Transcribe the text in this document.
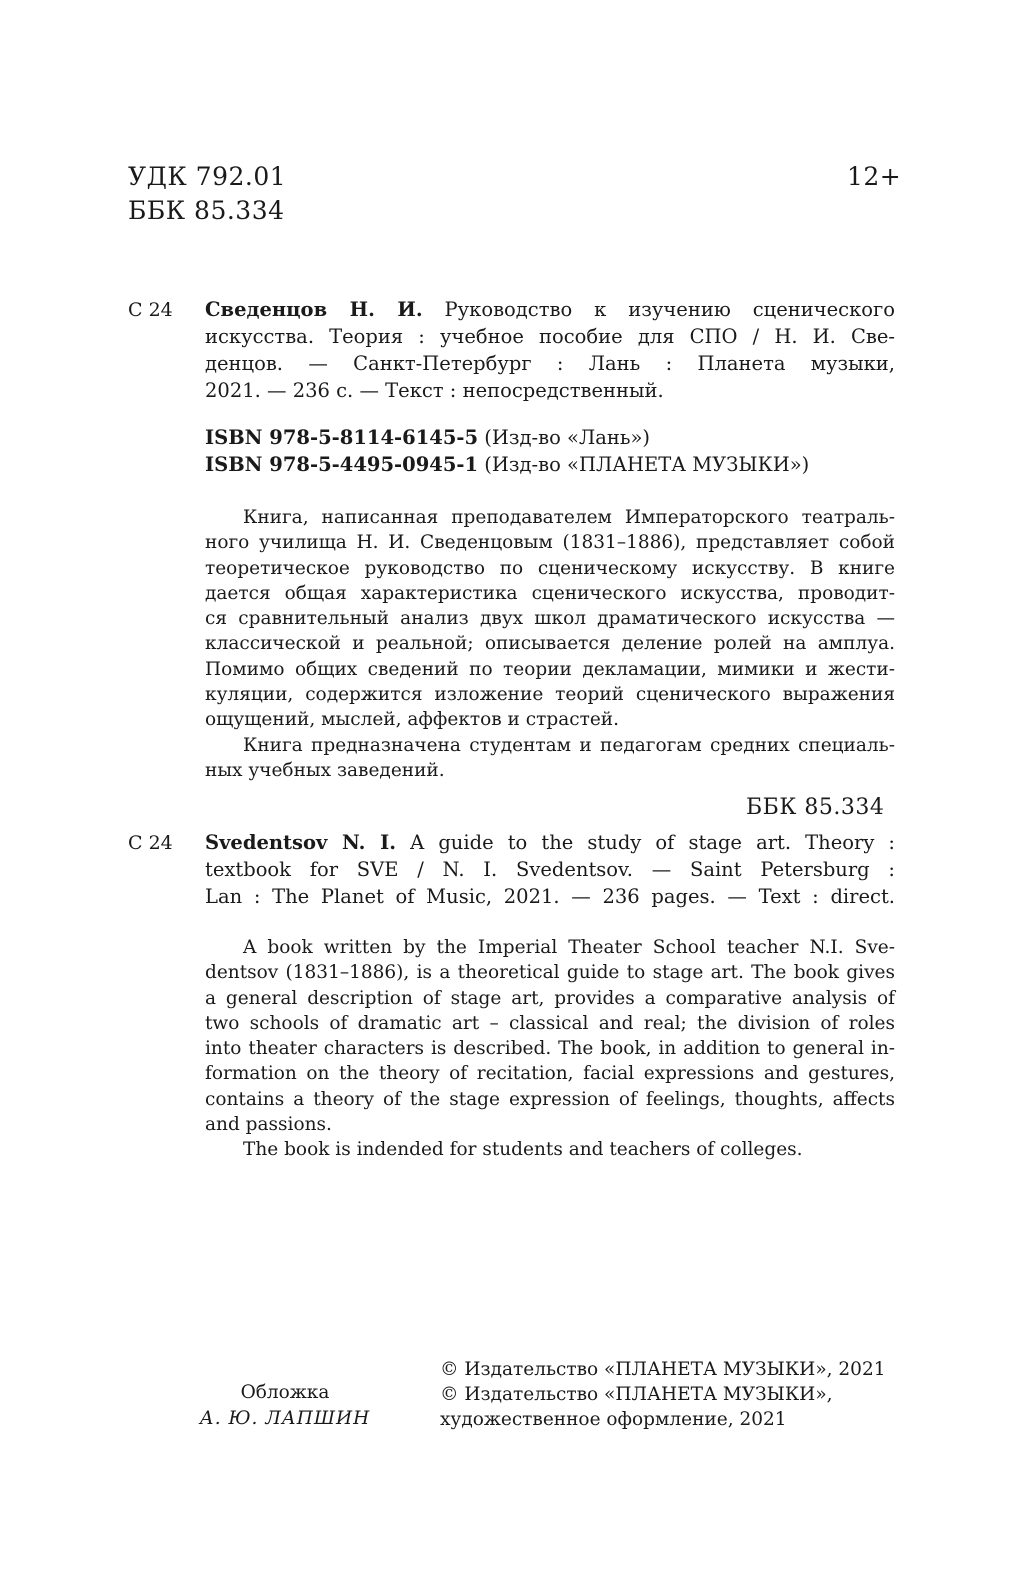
УДК 792.01
ББК 85.334
12+
С 24 Сведенцов Н. И. Руководство к изучению сценического
искусства. Теория : учебное пособие для СПО / Н. И. Све-
денцов. — Санкт-Петербург : Лань : Планета музыки,
2021. — 236 с. — Текст : непосредственный.
ISBN 978-5-8114-6145-5 (Изд-во «Лань»)
ISBN 978-5-4495-0945-1 (Изд-во «ПЛАНЕТА МУЗЫКИ»)
Книга, написанная преподавателем Императорского театраль-
ного училища Н. И. Сведенцовым (1831–1886), представляет собой
теоретическое руководство по сценическому искусству. В книге
дается общая характеристика сценического искусства, проводит-
ся сравнительный анализ двух школ драматического искусства —
классической и реальной; описывается деление ролей на амплуа.
Помимо общих сведений по теории декламации, мимики и жести-
куляции, содержится изложение теорий сценического выражения
ощущений, мыслей, аффектов и страстей.
Книга предназначена студентам и педагогам средних специаль-
ных учебных заведений.
ББК 85.334
С 24 Svedentsov N. I. A guide to the study of stage art. Theory :
textbook for SVE / N. I. Svedentsov. — Saint Petersburg :
Lan : The Planet of Music, 2021. — 236 pages. — Text : direct.
A book written by the Imperial Theater School teacher N.I. Sve-
dentsov (1831–1886), is a theoretical guide to stage art. The book gives
a general description of stage art, provides a comparative analysis of
two schools of dramatic art – classical and real; the division of roles
into theater characters is described. The book, in addition to general in-
formation on the theory of recitation, facial expressions and gestures,
contains a theory of the stage expression of feelings, thoughts, affects
and passions.
The book is indended for students and teachers of colleges.
Обложка
А. Ю. ЛАПШИН
© Издательство «ПЛАНЕТА МУЗЫКИ», 2021
© Издательство «ПЛАНЕТА МУЗЫКИ»,
художественное оформление, 2021
